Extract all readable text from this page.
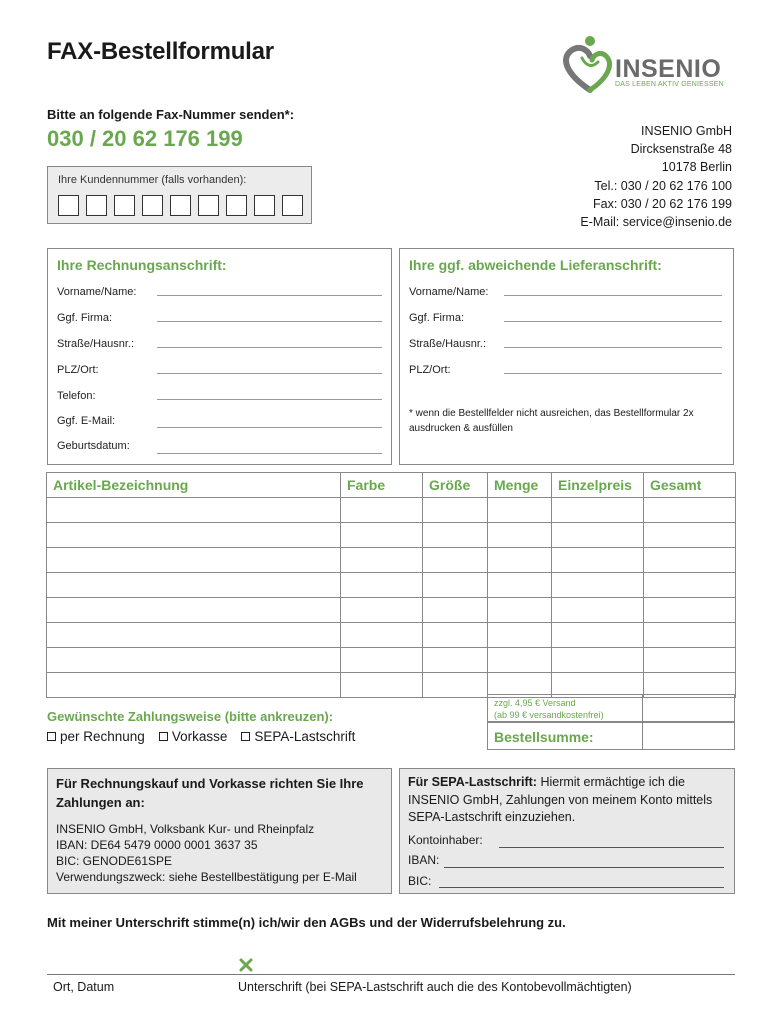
FAX-Bestellformular
INSENIO
DAS LEBEN AKTIV GENIESSEN
Bitte an folgende Fax-Nummer senden*:
030 / 20 62 176 199
Ihre Kundennummer (falls vorhanden):
INSENIO GmbH
Dircksenstraße 48
10178 Berlin
Tel.: 030 / 20 62 176 100
Fax: 030 / 20 62 176 199
E-Mail: service@insenio.de
Ihre Rechnungsanschrift:
Vorname/Name:
Ggf. Firma:
Straße/Hausnr.:
PLZ/Ort:
Telefon:
Ggf. E-Mail:
Geburtsdatum:
Ihre ggf. abweichende Lieferanschrift:
Vorname/Name:
Ggf. Firma:
Straße/Hausnr.:
PLZ/Ort:
* wenn die Bestellfelder nicht ausreichen, das Bestellformular 2x ausdrucken & ausfüllen
Artikel-Bezeichnung	Farbe	Größe	Menge	Einzelpreis	Gesamt

zzgl. 4,95 € Versand
(ab 99 € versandkostenfrei)
Bestellsumme:
Gewünschte Zahlungsweise (bitte ankreuzen):
per Rechnung Vorkasse SEPA-Lastschrift
Für Rechnungskauf und Vorkasse richten Sie Ihre Zahlungen an:
INSENIO GmbH, Volksbank Kur- und Rheinpfalz
IBAN: DE64 5479 0000 0001 3637 35
BIC: GENODE61SPE
Verwendungszweck: siehe Bestellbestätigung per E-Mail
Für SEPA-Lastschrift: Hiermit ermächtige ich die INSENIO GmbH, Zahlungen von meinem Konto mittels SEPA-Lastschrift einzuziehen.
Kontoinhaber:
IBAN:
BIC:
Mit meiner Unterschrift stimme(n) ich/wir den AGBs und der Widerrufsbelehrung zu.
Ort, Datum	Unterschrift (bei SEPA-Lastschrift auch die des Kontobevollmächtigten)
